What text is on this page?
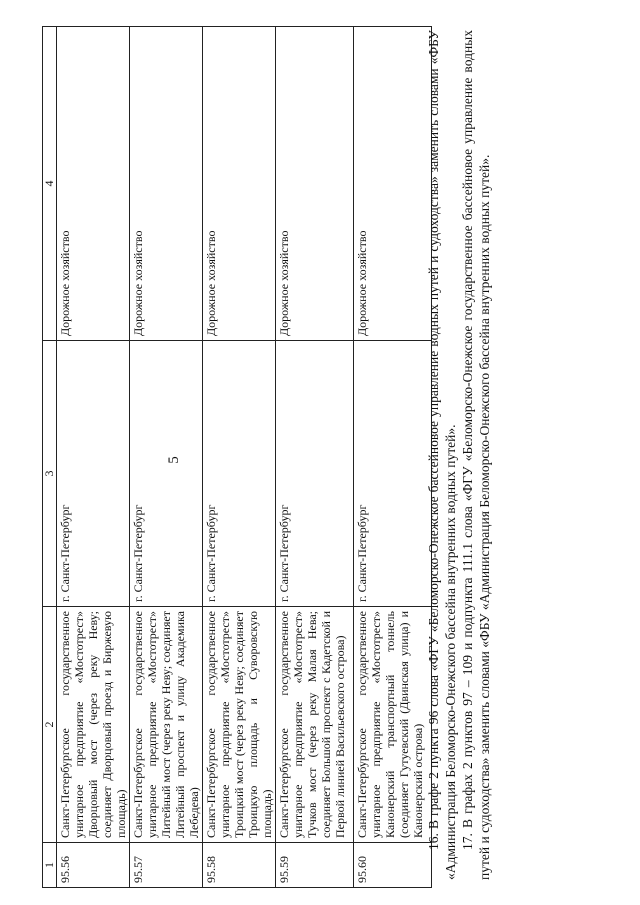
5
1	2	3	4
95.56	Санкт-Петербургское государственное унитарное предприятие «Мостотрест» Дворцовый мост (через реку Неву; соединяет Дворцовый проезд и Биржевую площадь)	г. Санкт-Петербург	Дорожное хозяйство
95.57	Санкт-Петербургское государственное унитарное предприятие «Мостотрест» Литейный мост (через реку Неву; соединяет Литейный проспект и улицу Академика Лебедева)	г. Санкт-Петербург	Дорожное хозяйство
95.58	Санкт-Петербургское государственное унитарное предприятие «Мостотрест» Троицкий мост (через реку Неву; соединяет Троицкую площадь и Суворовскую площадь)	г. Санкт-Петербург	Дорожное хозяйство
95.59	Санкт-Петербургское государственное унитарное предприятие «Мостотрест» Тучков мост (через реку Малая Нева; соединяет Большой проспект с Кадетской и Первой линией Васильевского острова)	г. Санкт-Петербург	Дорожное хозяйство
95.60	Санкт-Петербургское государственное унитарное предприятие «Мостотрест» Канонерский транспортный тоннель (соединяет Гутуевский (Двинская улица) и Канонерский острова)	г. Санкт-Петербург	Дорожное хозяйство	16. В графе 2 пункта 96 слова «ФГУ «Беломорско-Онежское бассейновое управление водных путей и судоходства» заменить словами «ФБУ «Администрация Беломорско-Онежского бассейна внутренних водных путей». 17. В графах 2 пунктов 97 – 109 и подпункта 111.1 слова «ФГУ «Беломорско-Онежское государственное бассейновое управление водных путей и судоходства» заменить словами «ФБУ «Администрация Беломорско-Онежского бассейна внутренних водных путей».
